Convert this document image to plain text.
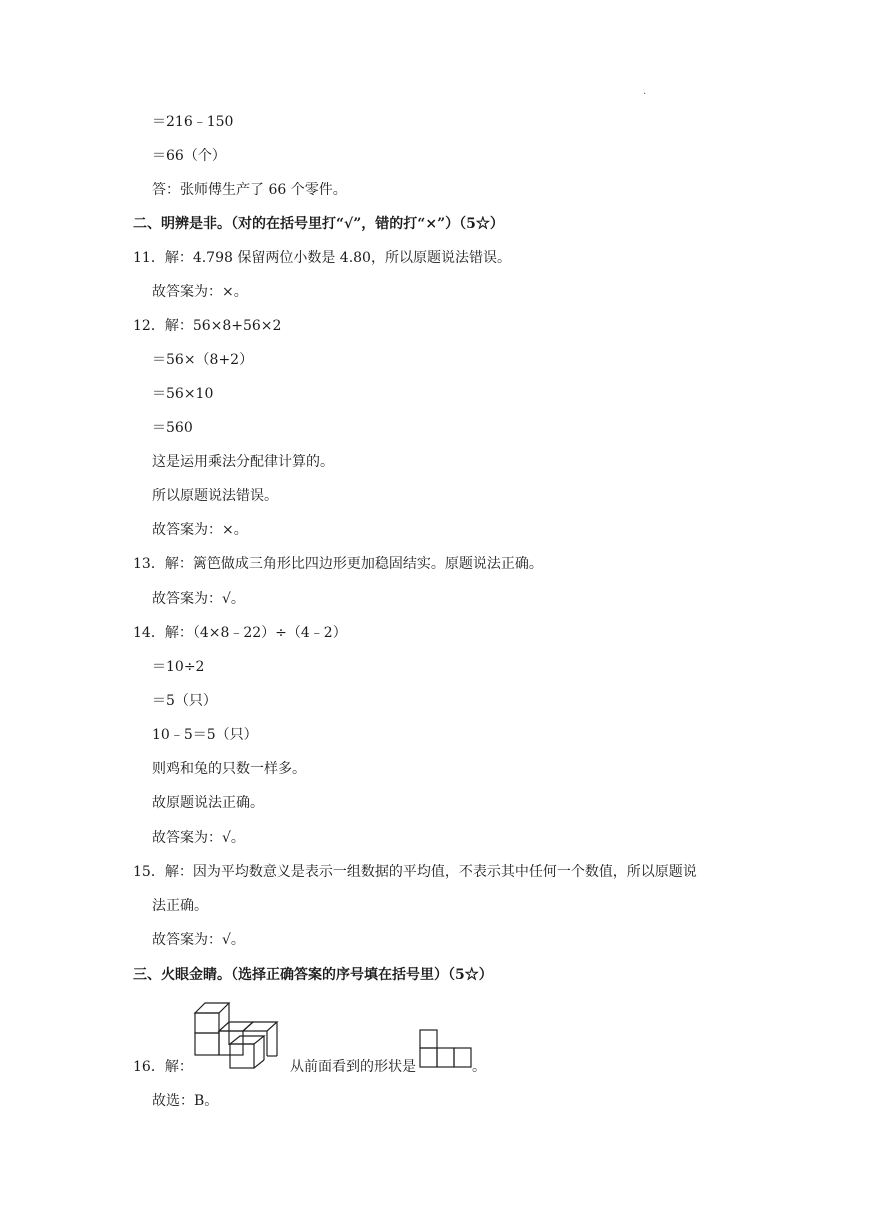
.
＝216﹣150
＝66（个）
答：张师傅生产了 66 个零件。
二、明辨是非。（对的在括号里打“√”，错的打“×”）（5☆）
11．解：4.798 保留两位小数是 4.80，所以原题说法错误。
故答案为：×。
12．解：56×8+56×2
＝56×（8+2）
＝56×10
＝560
这是运用乘法分配律计算的。
所以原题说法错误。
故答案为：×。
13．解：篱笆做成三角形比四边形更加稳固结实。原题说法正确。
故答案为：√。
14．解：（4×8﹣22）÷（4﹣2）
＝10÷2
＝5（只）
10﹣5＝5（只）
则鸡和兔的只数一样多。
故原题说法正确。
故答案为：√。
15．解：因为平均数意义是表示一组数据的平均值，不表示其中任何一个数值，所以原题说
法正确。
故答案为：√。
三、火眼金睛。（选择正确答案的序号填在括号里）（5☆）
16．解：	从前面看到的形状是	。
故选：B。
